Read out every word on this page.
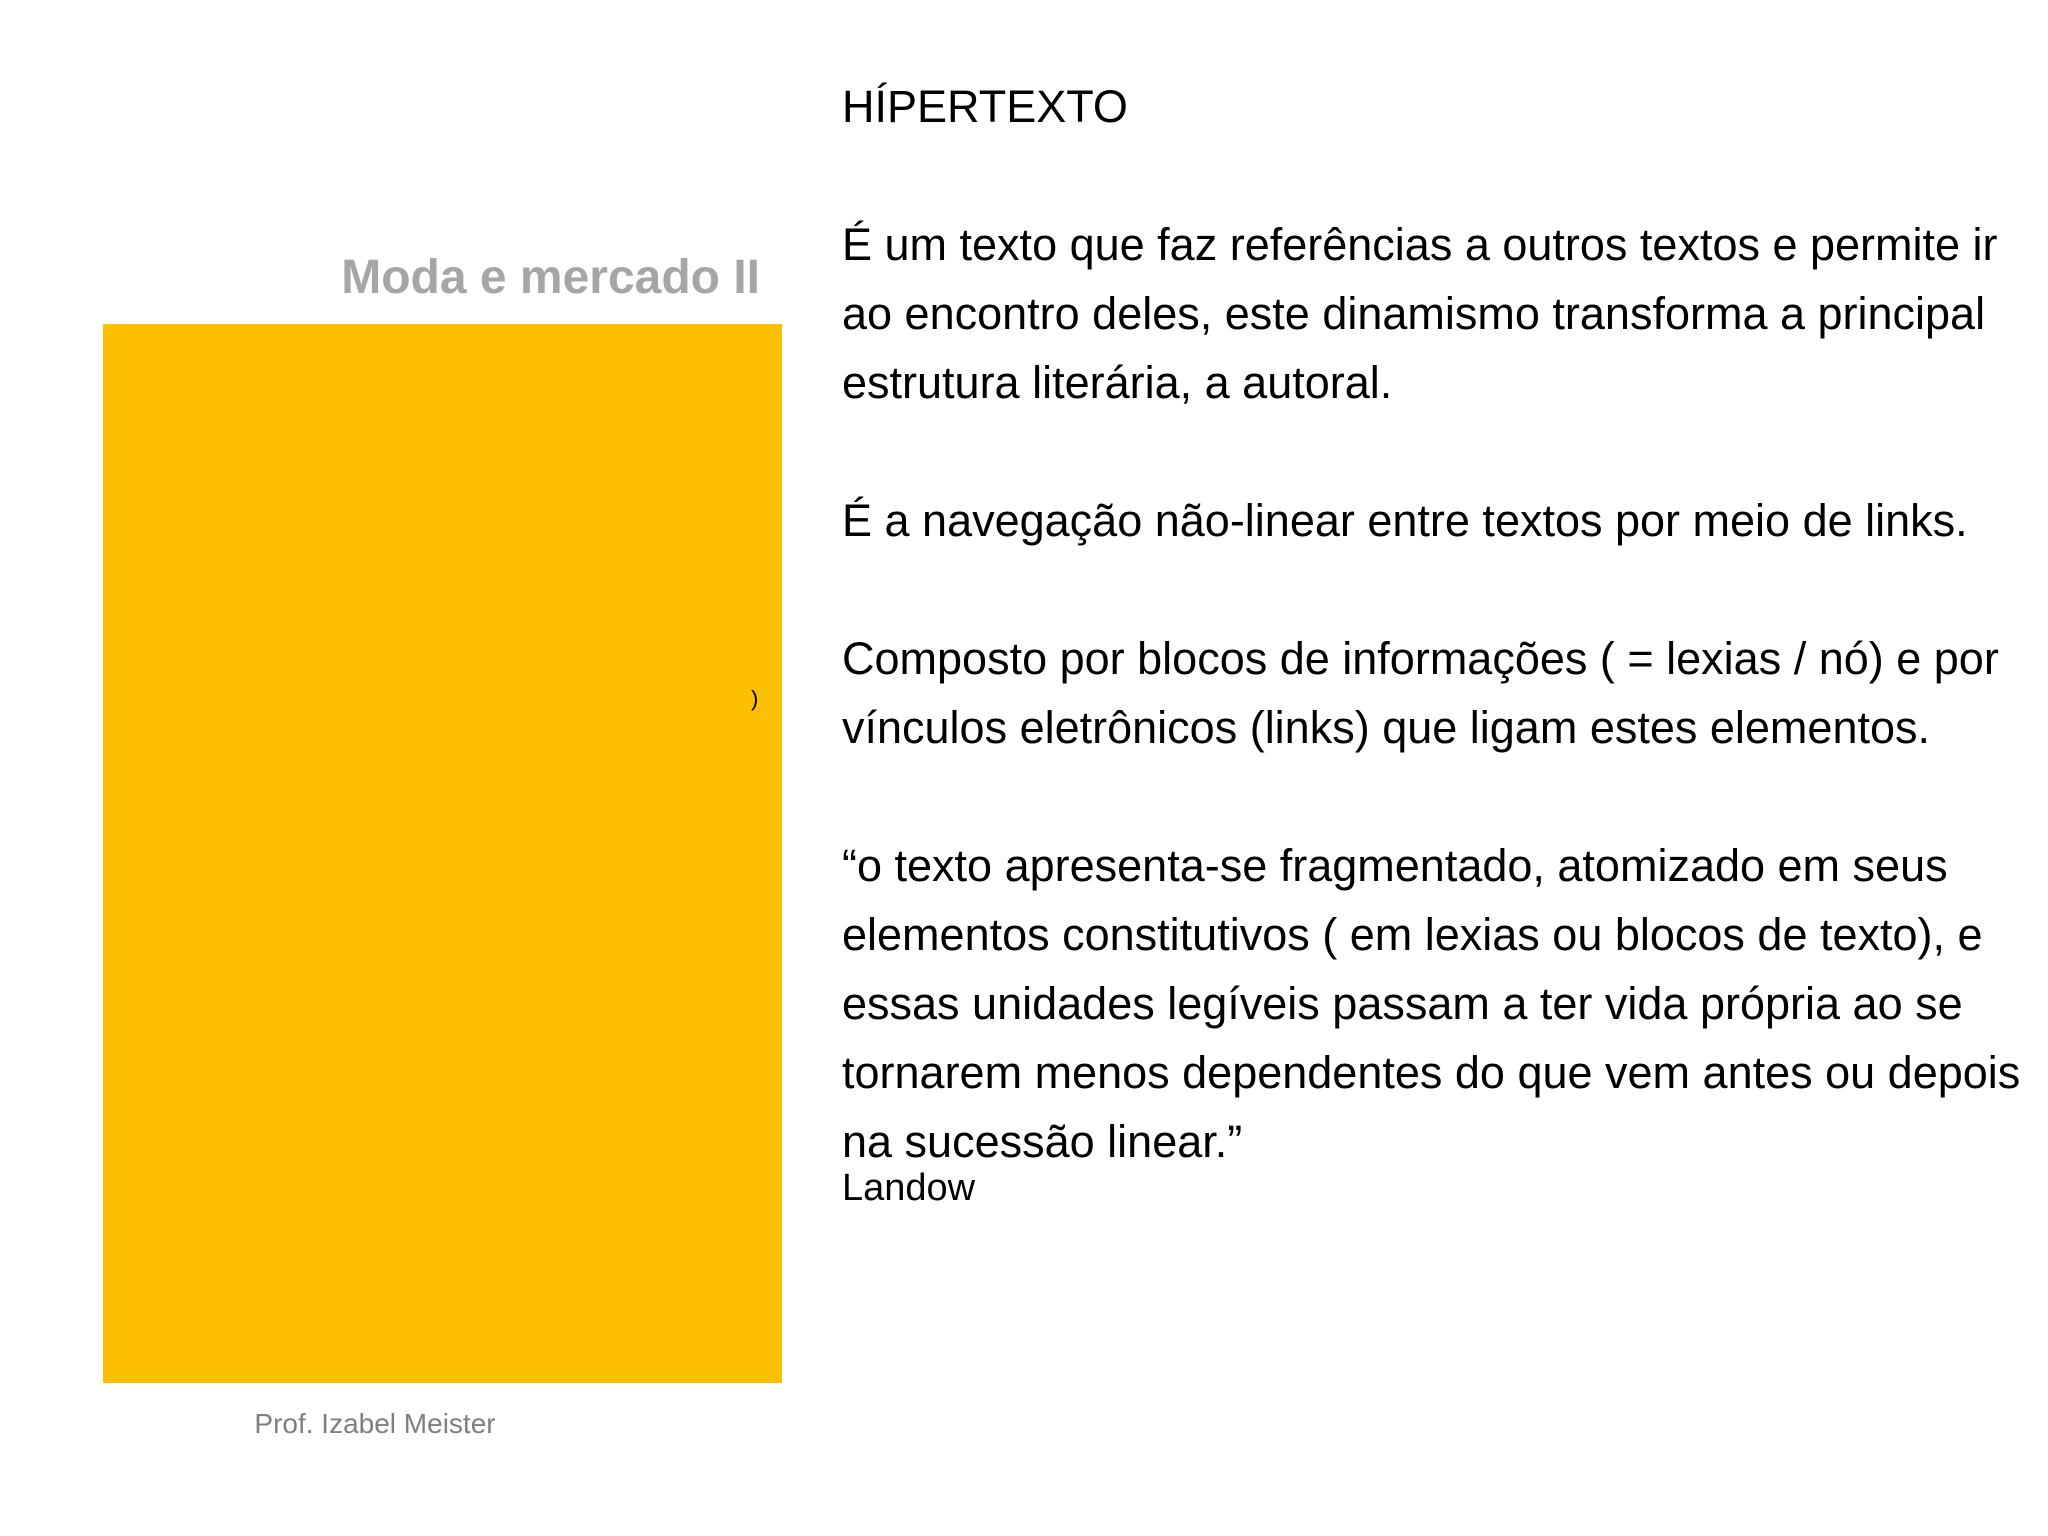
Moda e mercado II
)
Prof. Izabel Meister

HÍPERTEXTO

É um texto que faz referências a outros textos e permite ir ao encontro deles, este dinamismo transforma a principal estrutura literária, a autoral.

É a navegação não-linear entre textos por meio de links.

Composto por blocos de informações ( = lexias / nó) e por vínculos eletrônicos (links) que ligam estes elementos.

“o texto apresenta-se fragmentado, atomizado em seus elementos constitutivos ( em lexias ou blocos de texto), e essas unidades legíveis passam a ter vida própria ao se tornarem menos dependentes do que vem antes ou depois na sucessão linear.”

Landow
